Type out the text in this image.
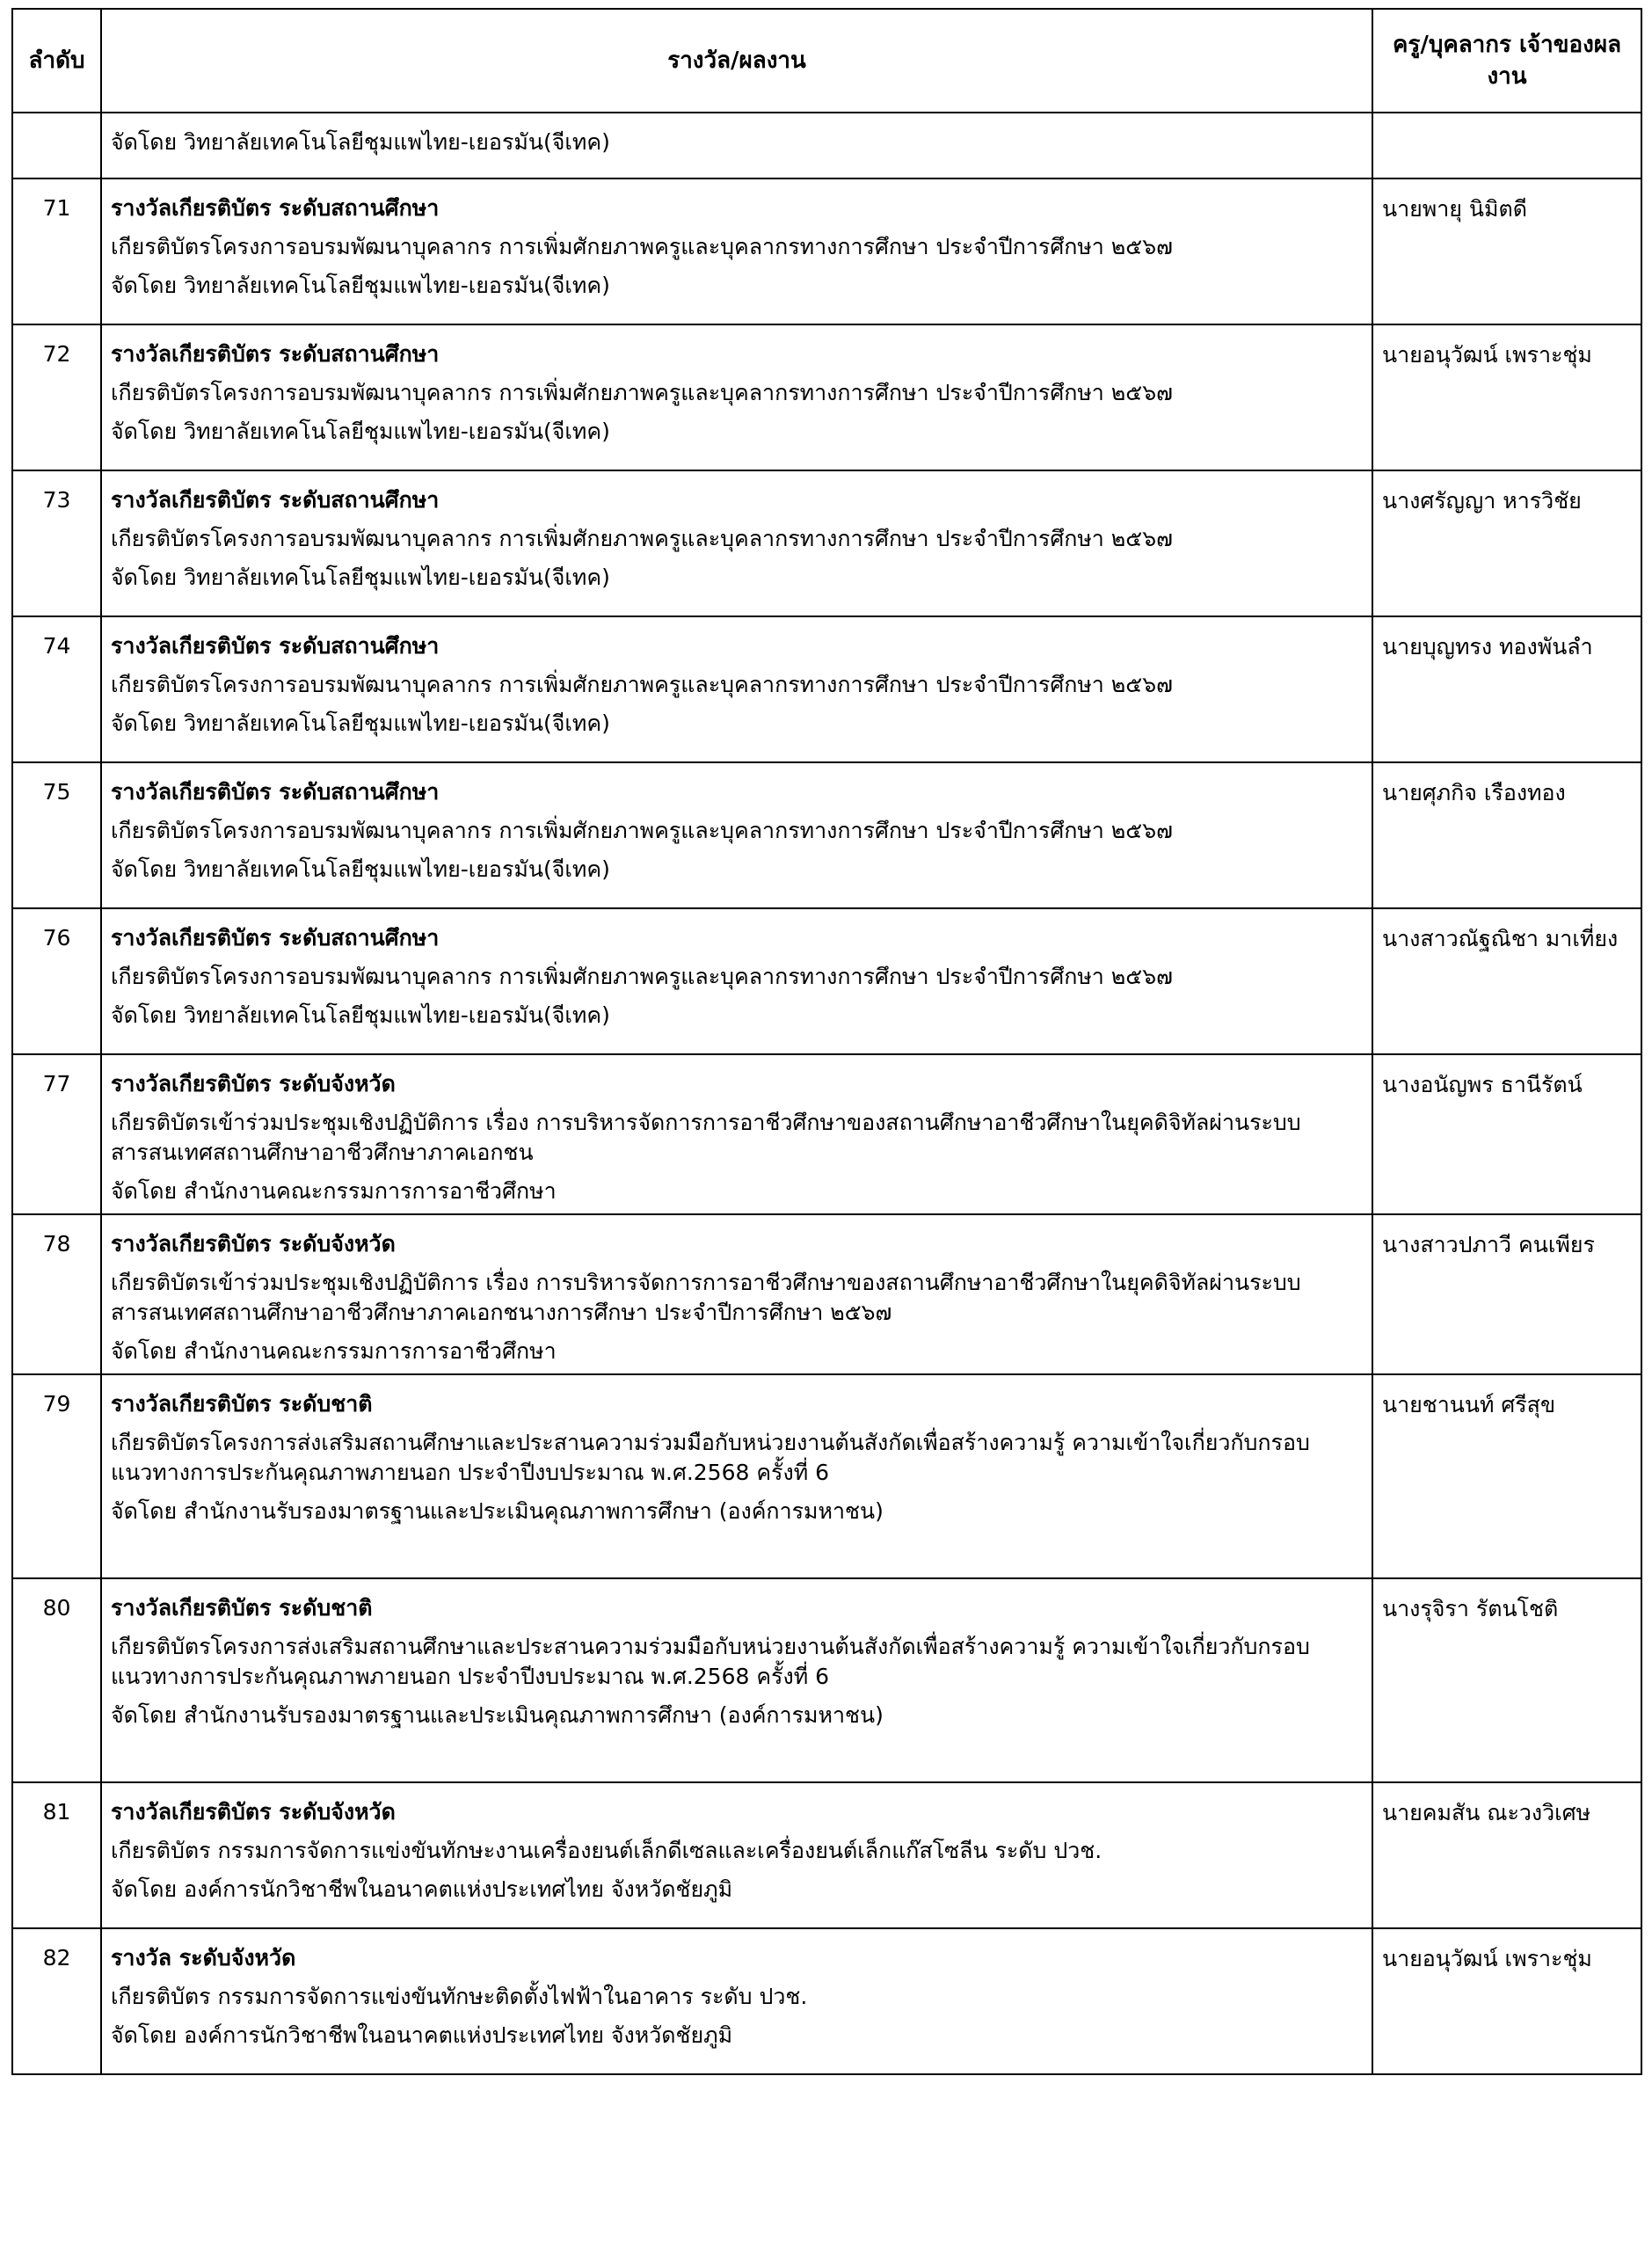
ลำดับ	รางวัล/ผลงาน	ครู/บุคลากร เจ้าของผลงาน
	จัดโดย วิทยาลัยเทคโนโลยีชุมแพไทย-เยอรมัน(จีเทค)	
71	รางวัลเกียรติบัตร ระดับสถานศึกษา
เกียรติบัตรโครงการอบรมพัฒนาบุคลากร การเพิ่มศักยภาพครูและบุคลากรทางการศึกษา ประจำปีการศึกษา ๒๕๖๗
จัดโดย วิทยาลัยเทคโนโลยีชุมแพไทย-เยอรมัน(จีเทค)	นายพายุ นิมิตดี
72	รางวัลเกียรติบัตร ระดับสถานศึกษา
เกียรติบัตรโครงการอบรมพัฒนาบุคลากร การเพิ่มศักยภาพครูและบุคลากรทางการศึกษา ประจำปีการศึกษา ๒๕๖๗
จัดโดย วิทยาลัยเทคโนโลยีชุมแพไทย-เยอรมัน(จีเทค)	นายอนุวัฒน์ เพราะชุ่ม
73	รางวัลเกียรติบัตร ระดับสถานศึกษา
เกียรติบัตรโครงการอบรมพัฒนาบุคลากร การเพิ่มศักยภาพครูและบุคลากรทางการศึกษา ประจำปีการศึกษา ๒๕๖๗
จัดโดย วิทยาลัยเทคโนโลยีชุมแพไทย-เยอรมัน(จีเทค)	นางศรัญญา หารวิชัย
74	รางวัลเกียรติบัตร ระดับสถานศึกษา
เกียรติบัตรโครงการอบรมพัฒนาบุคลากร การเพิ่มศักยภาพครูและบุคลากรทางการศึกษา ประจำปีการศึกษา ๒๕๖๗
จัดโดย วิทยาลัยเทคโนโลยีชุมแพไทย-เยอรมัน(จีเทค)	นายบุญทรง ทองพันลำ
75	รางวัลเกียรติบัตร ระดับสถานศึกษา
เกียรติบัตรโครงการอบรมพัฒนาบุคลากร การเพิ่มศักยภาพครูและบุคลากรทางการศึกษา ประจำปีการศึกษา ๒๕๖๗
จัดโดย วิทยาลัยเทคโนโลยีชุมแพไทย-เยอรมัน(จีเทค)	นายศุภกิจ เรืองทอง
76	รางวัลเกียรติบัตร ระดับสถานศึกษา
เกียรติบัตรโครงการอบรมพัฒนาบุคลากร การเพิ่มศักยภาพครูและบุคลากรทางการศึกษา ประจำปีการศึกษา ๒๕๖๗
จัดโดย วิทยาลัยเทคโนโลยีชุมแพไทย-เยอรมัน(จีเทค)	นางสาวณัฐณิชา มาเที่ยง
77	รางวัลเกียรติบัตร ระดับจังหวัด
เกียรติบัตรเข้าร่วมประชุมเชิงปฏิบัติการ เรื่อง การบริหารจัดการการอาชีวศึกษาของสถานศึกษาอาชีวศึกษาในยุคดิจิทัลผ่านระบบสารสนเทศสถานศึกษาอาชีวศึกษาภาคเอกชน
จัดโดย สำนักงานคณะกรรมการการอาชีวศึกษา	นางอนัญพร ธานีรัตน์
78	รางวัลเกียรติบัตร ระดับจังหวัด
เกียรติบัตรเข้าร่วมประชุมเชิงปฏิบัติการ เรื่อง การบริหารจัดการการอาชีวศึกษาของสถานศึกษาอาชีวศึกษาในยุคดิจิทัลผ่านระบบสารสนเทศสถานศึกษาอาชีวศึกษาภาคเอกชนางการศึกษา ประจำปีการศึกษา ๒๕๖๗
จัดโดย สำนักงานคณะกรรมการการอาชีวศึกษา	นางสาวปภาวี คนเพียร
79	รางวัลเกียรติบัตร ระดับชาติ
เกียรติบัตรโครงการส่งเสริมสถานศึกษาและประสานความร่วมมือกับหน่วยงานต้นสังกัดเพื่อสร้างความรู้ ความเข้าใจเกี่ยวกับกรอบแนวทางการประกันคุณภาพภายนอก ประจำปีงบประมาณ พ.ศ.2568 ครั้งที่ 6
จัดโดย สำนักงานรับรองมาตรฐานและประเมินคุณภาพการศึกษา (องค์การมหาชน)	นายชานนท์ ศรีสุข
80	รางวัลเกียรติบัตร ระดับชาติ
เกียรติบัตรโครงการส่งเสริมสถานศึกษาและประสานความร่วมมือกับหน่วยงานต้นสังกัดเพื่อสร้างความรู้ ความเข้าใจเกี่ยวกับกรอบแนวทางการประกันคุณภาพภายนอก ประจำปีงบประมาณ พ.ศ.2568 ครั้งที่ 6
จัดโดย สำนักงานรับรองมาตรฐานและประเมินคุณภาพการศึกษา (องค์การมหาชน)	นางรุจิรา รัตนโชติ
81	รางวัลเกียรติบัตร ระดับจังหวัด
เกียรติบัตร กรรมการจัดการแข่งขันทักษะงานเครื่องยนต์เล็กดีเซลและเครื่องยนต์เล็กแก๊สโซลีน ระดับ ปวช.
จัดโดย องค์การนักวิชาชีพในอนาคตแห่งประเทศไทย จังหวัดชัยภูมิ	นายคมสัน ณะวงวิเศษ
82	รางวัล ระดับจังหวัด
เกียรติบัตร กรรมการจัดการแข่งขันทักษะติดตั้งไฟฟ้าในอาคาร ระดับ ปวช.
จัดโดย องค์การนักวิชาชีพในอนาคตแห่งประเทศไทย จังหวัดชัยภูมิ	นายอนุวัฒน์ เพราะชุ่ม
